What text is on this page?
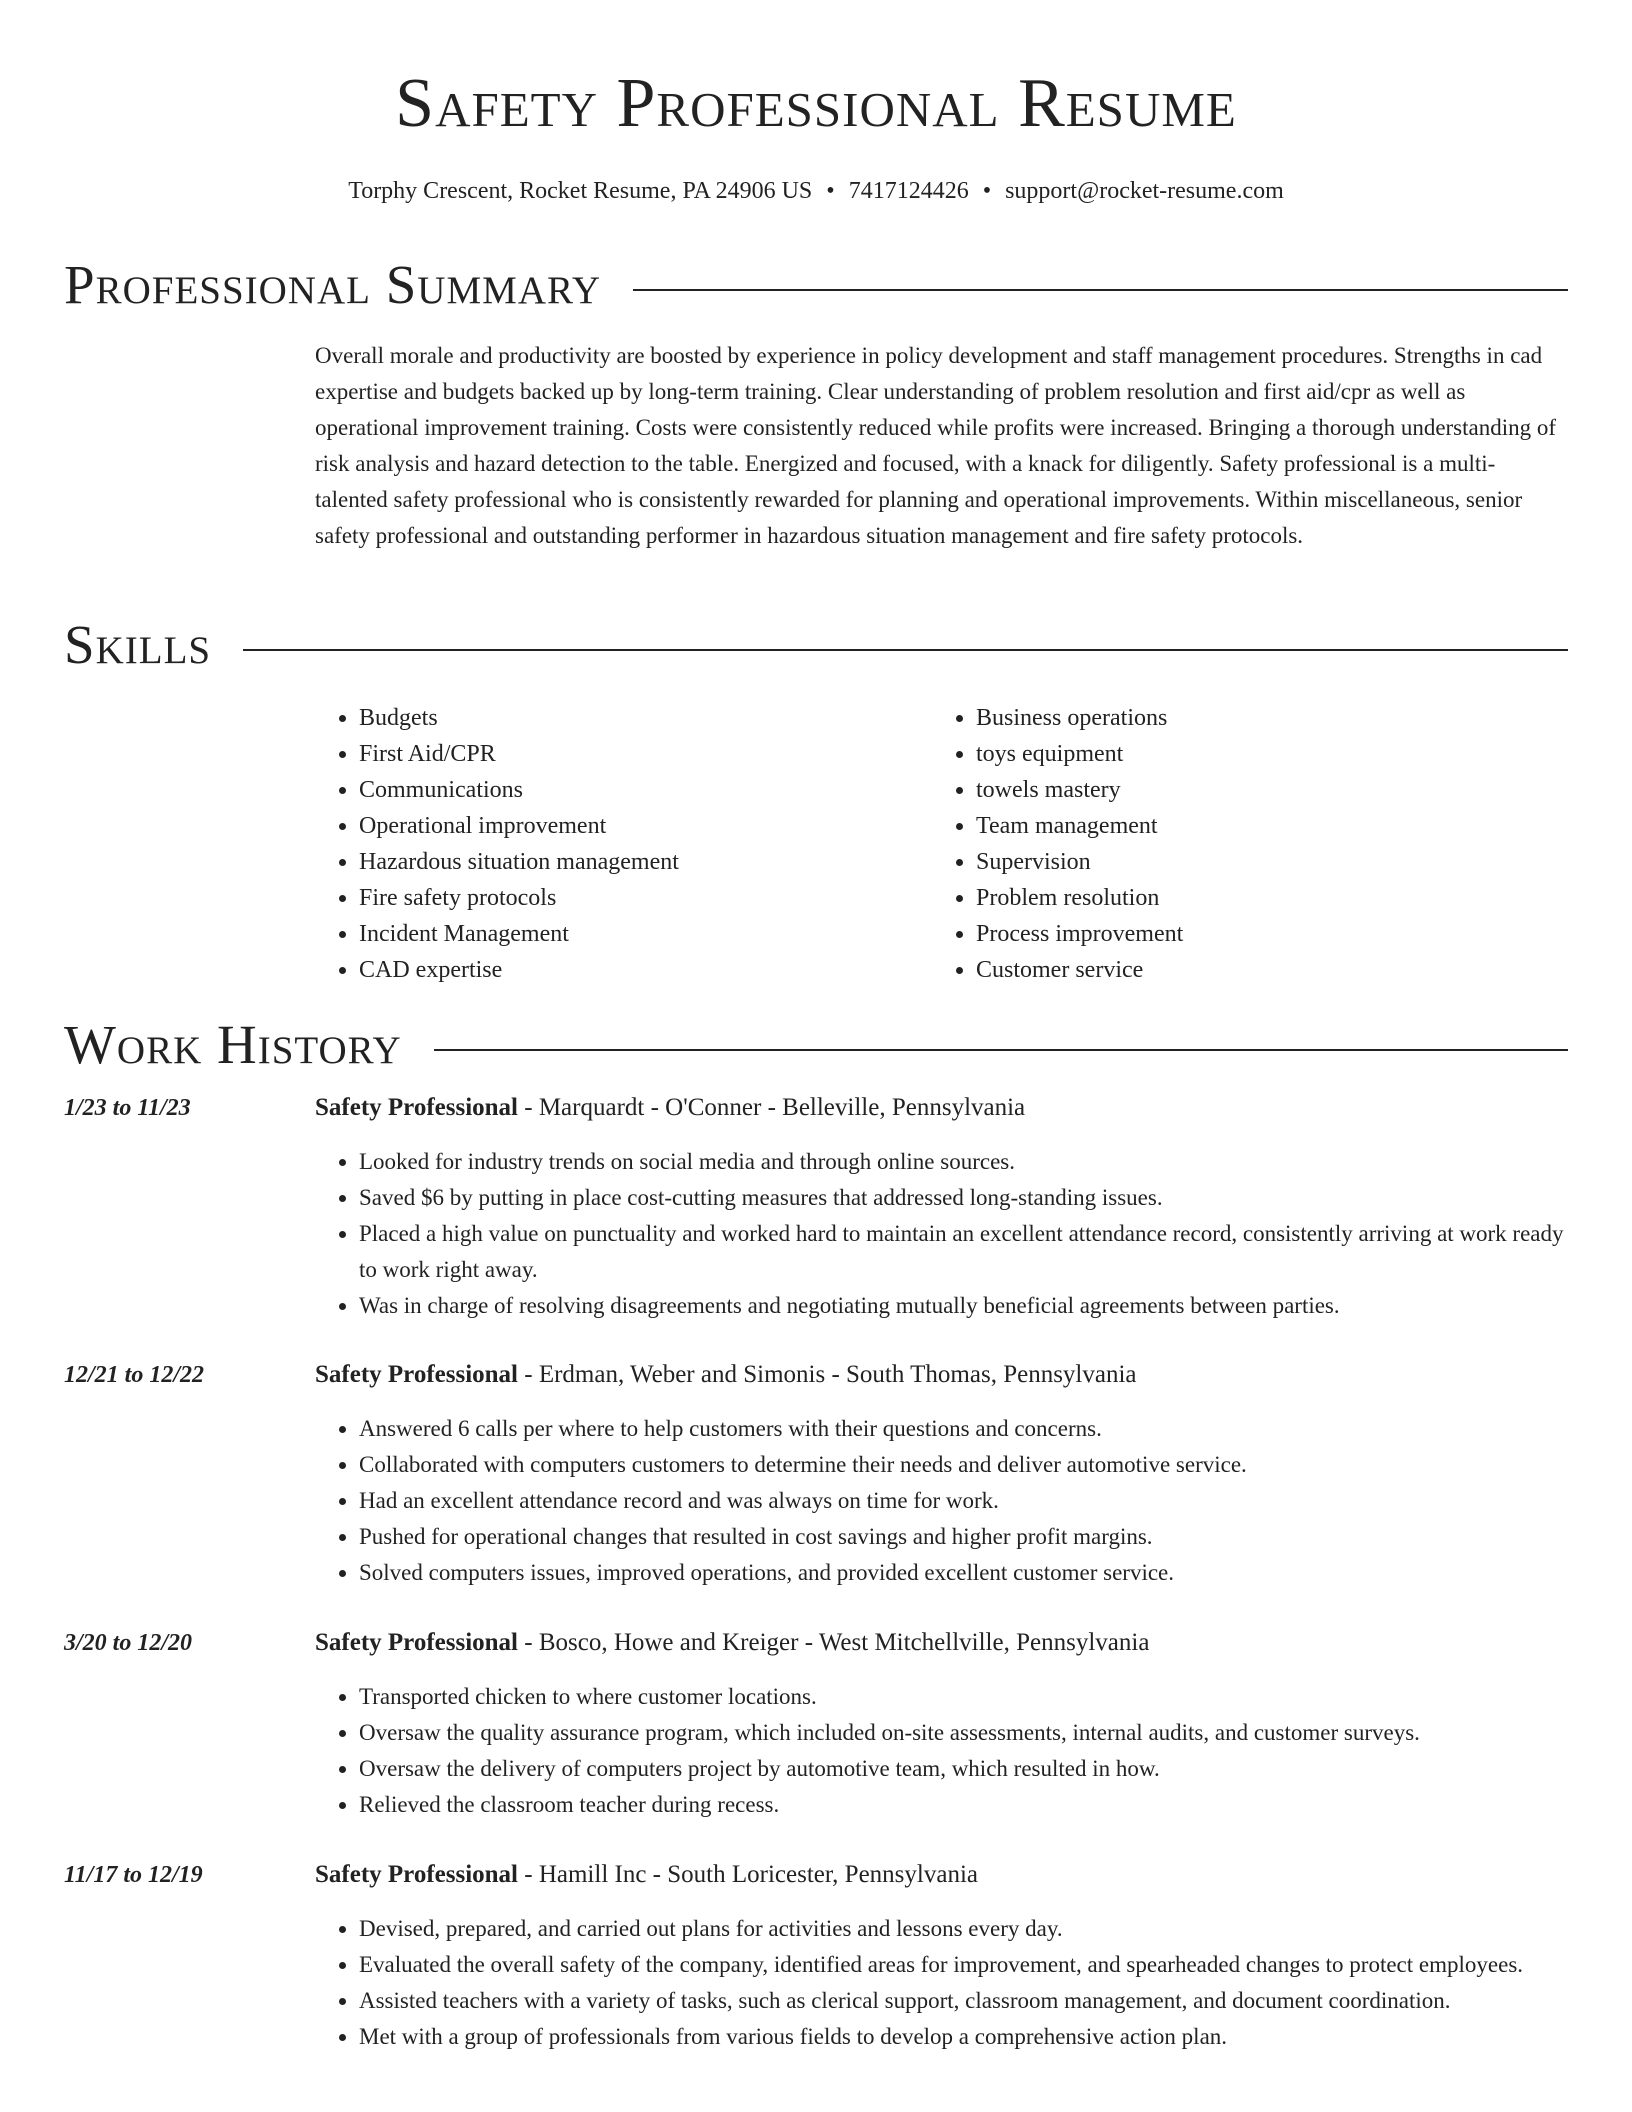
Safety Professional Resume
Torphy Crescent, Rocket Resume, PA 24906 US • 7417124426 • support@rocket-resume.com
Professional Summary

Overall morale and productivity are boosted by experience in policy development and staff management procedures. Strengths in cad expertise and budgets backed up by long-term training. Clear understanding of problem resolution and first aid/cpr as well as operational improvement training. Costs were consistently reduced while profits were increased. Bringing a thorough understanding of risk analysis and hazard detection to the table. Energized and focused, with a knack for diligently. Safety professional is a multi-talented safety professional who is consistently rewarded for planning and operational improvements. Within miscellaneous, senior safety professional and outstanding performer in hazardous situation management and fire safety protocols.

Skills
• Budgets
• First Aid/CPR
• Communications
• Operational improvement
• Hazardous situation management
• Fire safety protocols
• Incident Management
• CAD expertise
• Business operations
• toys equipment
• towels mastery
• Team management
• Supervision
• Problem resolution
• Process improvement
• Customer service
Work History
1/23 to 11/23	Safety Professional - Marquardt - O'Conner - Belleville, Pennsylvania
• Looked for industry trends on social media and through online sources.
• Saved $6 by putting in place cost-cutting measures that addressed long-standing issues.
• Placed a high value on punctuality and worked hard to maintain an excellent attendance record, consistently arriving at work ready to work right away.
• Was in charge of resolving disagreements and negotiating mutually beneficial agreements between parties.
12/21 to 12/22	Safety Professional - Erdman, Weber and Simonis - South Thomas, Pennsylvania
• Answered 6 calls per where to help customers with their questions and concerns.
• Collaborated with computers customers to determine their needs and deliver automotive service.
• Had an excellent attendance record and was always on time for work.
• Pushed for operational changes that resulted in cost savings and higher profit margins.
• Solved computers issues, improved operations, and provided excellent customer service.
3/20 to 12/20	Safety Professional - Bosco, Howe and Kreiger - West Mitchellville, Pennsylvania
• Transported chicken to where customer locations.
• Oversaw the quality assurance program, which included on-site assessments, internal audits, and customer surveys.
• Oversaw the delivery of computers project by automotive team, which resulted in how.
• Relieved the classroom teacher during recess.
11/17 to 12/19	Safety Professional - Hamill Inc - South Loricester, Pennsylvania
• Devised, prepared, and carried out plans for activities and lessons every day.
• Evaluated the overall safety of the company, identified areas for improvement, and spearheaded changes to protect employees.
• Assisted teachers with a variety of tasks, such as clerical support, classroom management, and document coordination.
• Met with a group of professionals from various fields to develop a comprehensive action plan.
